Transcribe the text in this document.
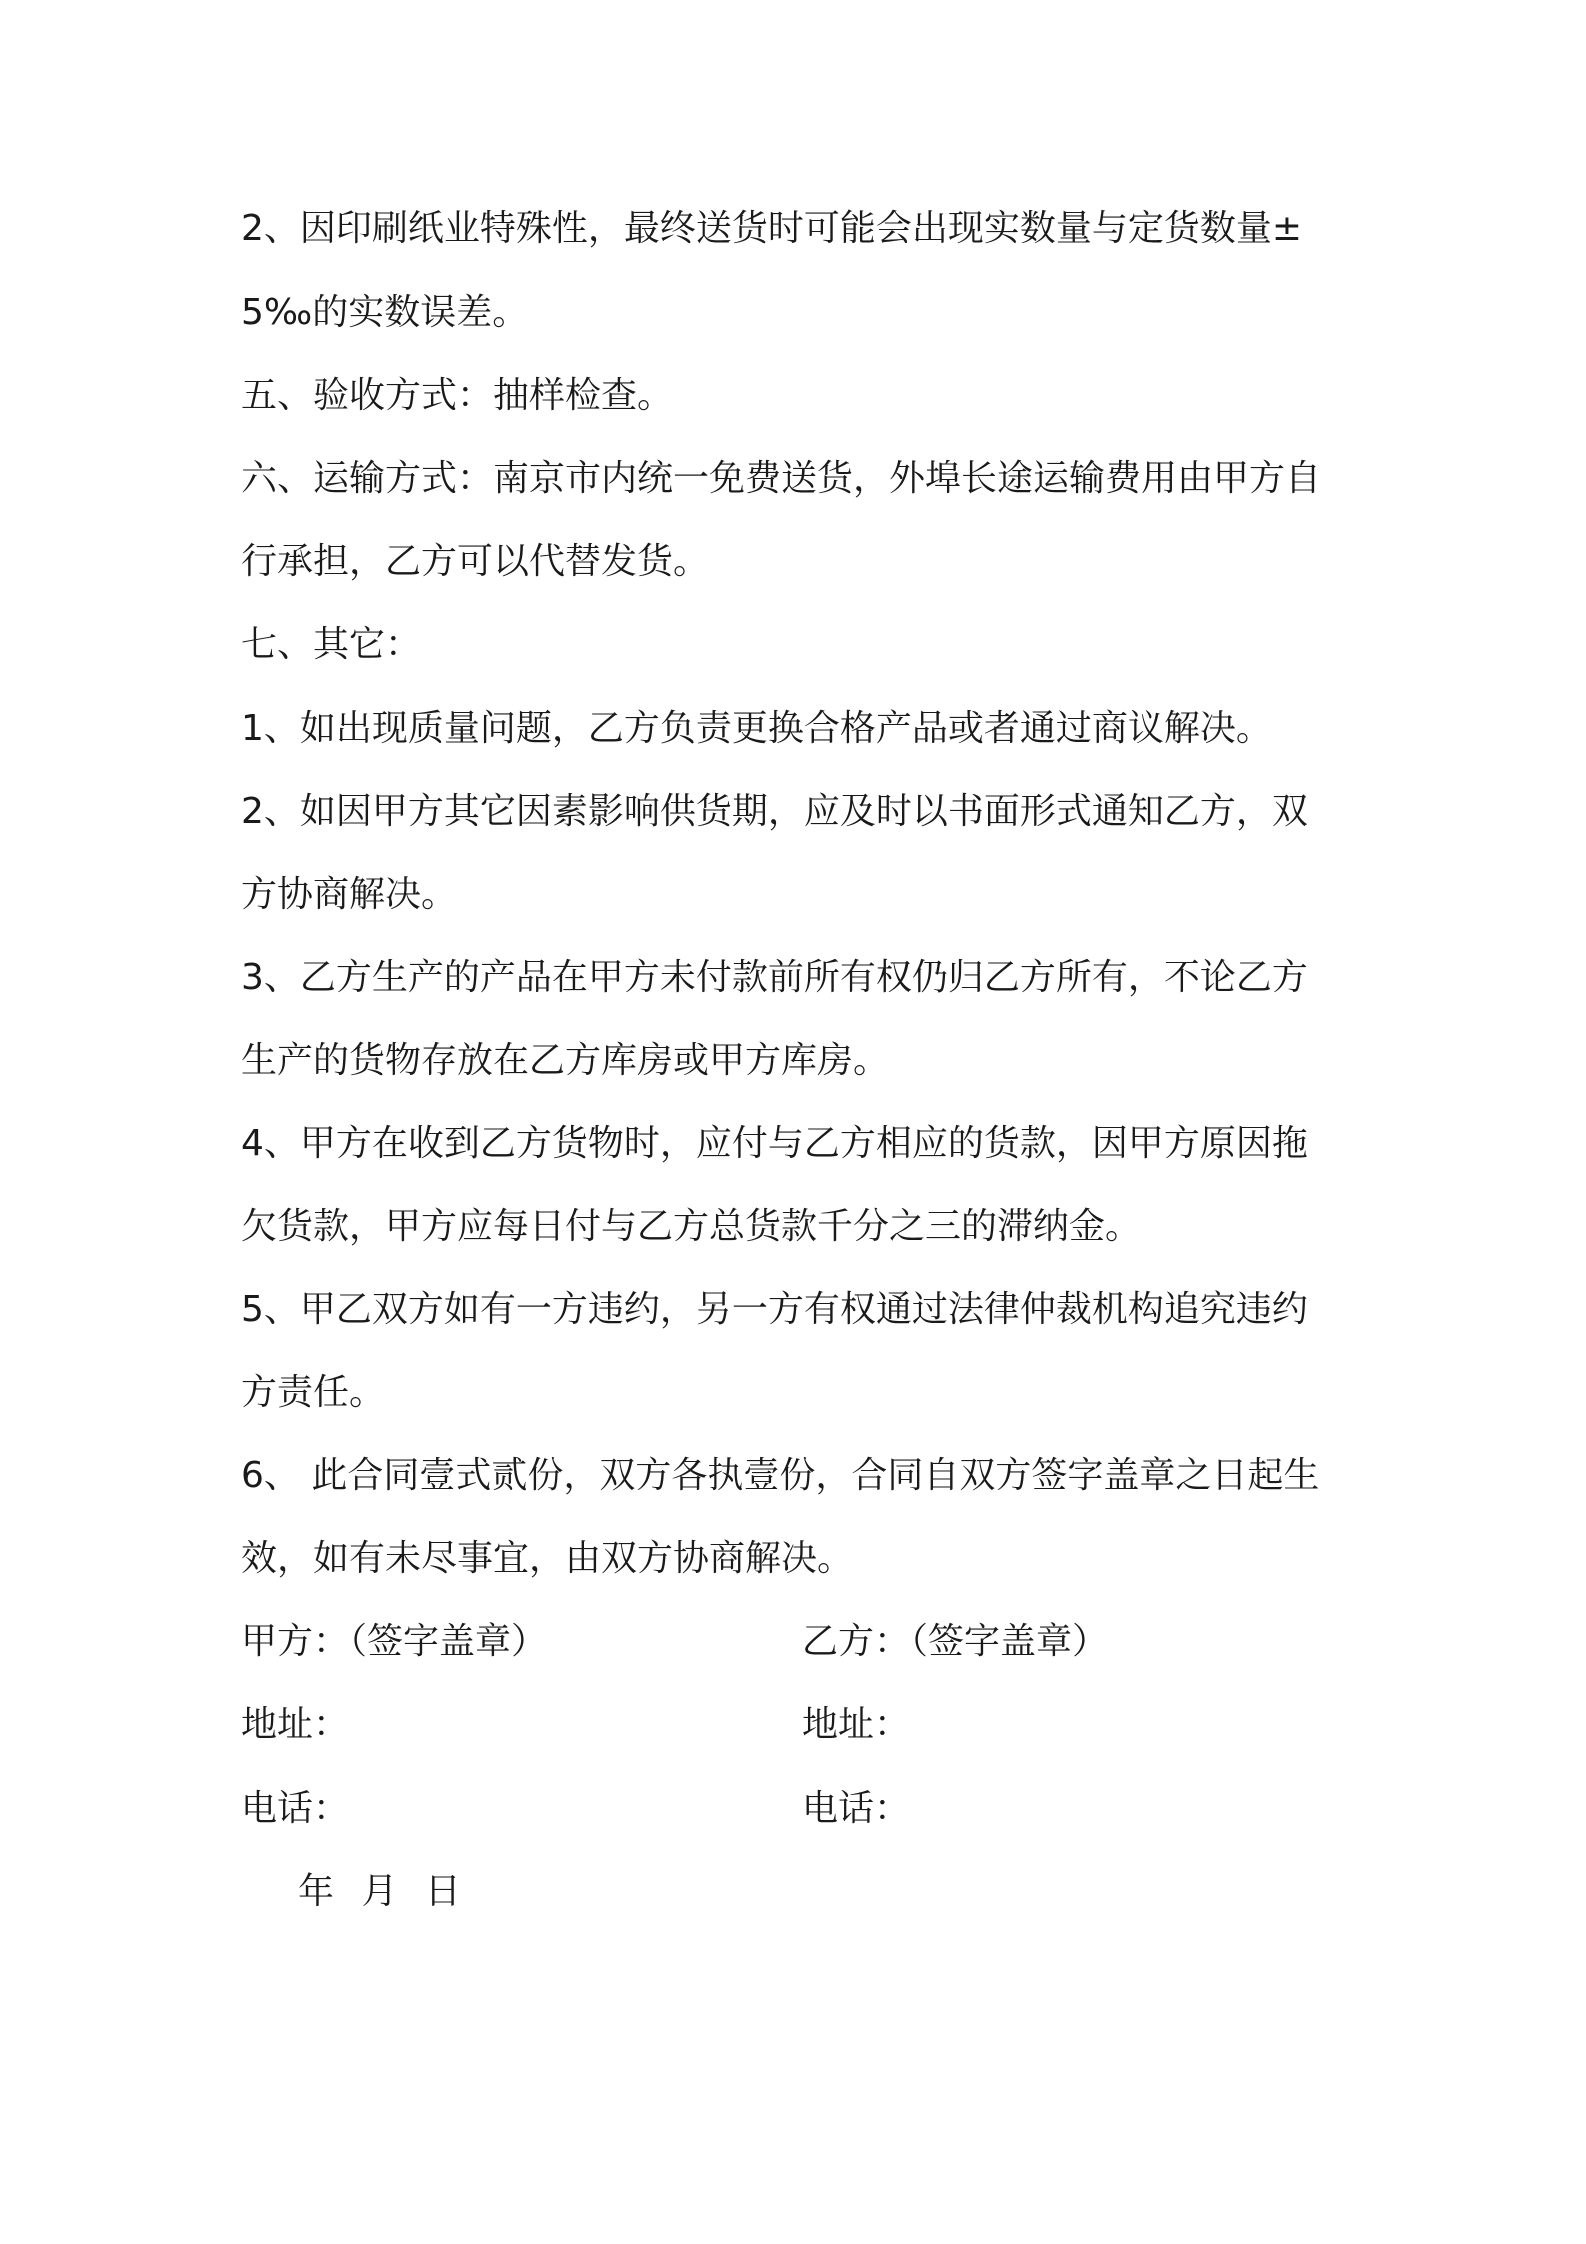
2、因印刷纸业特殊性，最终送货时可能会出现实数量与定货数量±
5‰的实数误差。
五、验收方式：抽样检查。
六、运输方式：南京市内统一免费送货，外埠长途运输费用由甲方自
行承担，乙方可以代替发货。
七、其它：
1、如出现质量问题，乙方负责更换合格产品或者通过商议解决。
2、如因甲方其它因素影响供货期，应及时以书面形式通知乙方，双
方协商解决。
3、乙方生产的产品在甲方未付款前所有权仍归乙方所有，不论乙方
生产的货物存放在乙方库房或甲方库房。
4、甲方在收到乙方货物时，应付与乙方相应的货款，因甲方原因拖
欠货款，甲方应每日付与乙方总货款千分之三的滞纳金。
5、甲乙双方如有一方违约，另一方有权通过法律仲裁机构追究违约
方责任。
6、 此合同壹式贰份，双方各执壹份，合同自双方签字盖章之日起生
效，如有未尽事宜，由双方协商解决。
甲方：（签字盖章）	乙方：（签字盖章）
地址：	地址：
电话：	电话：
年 月 日
